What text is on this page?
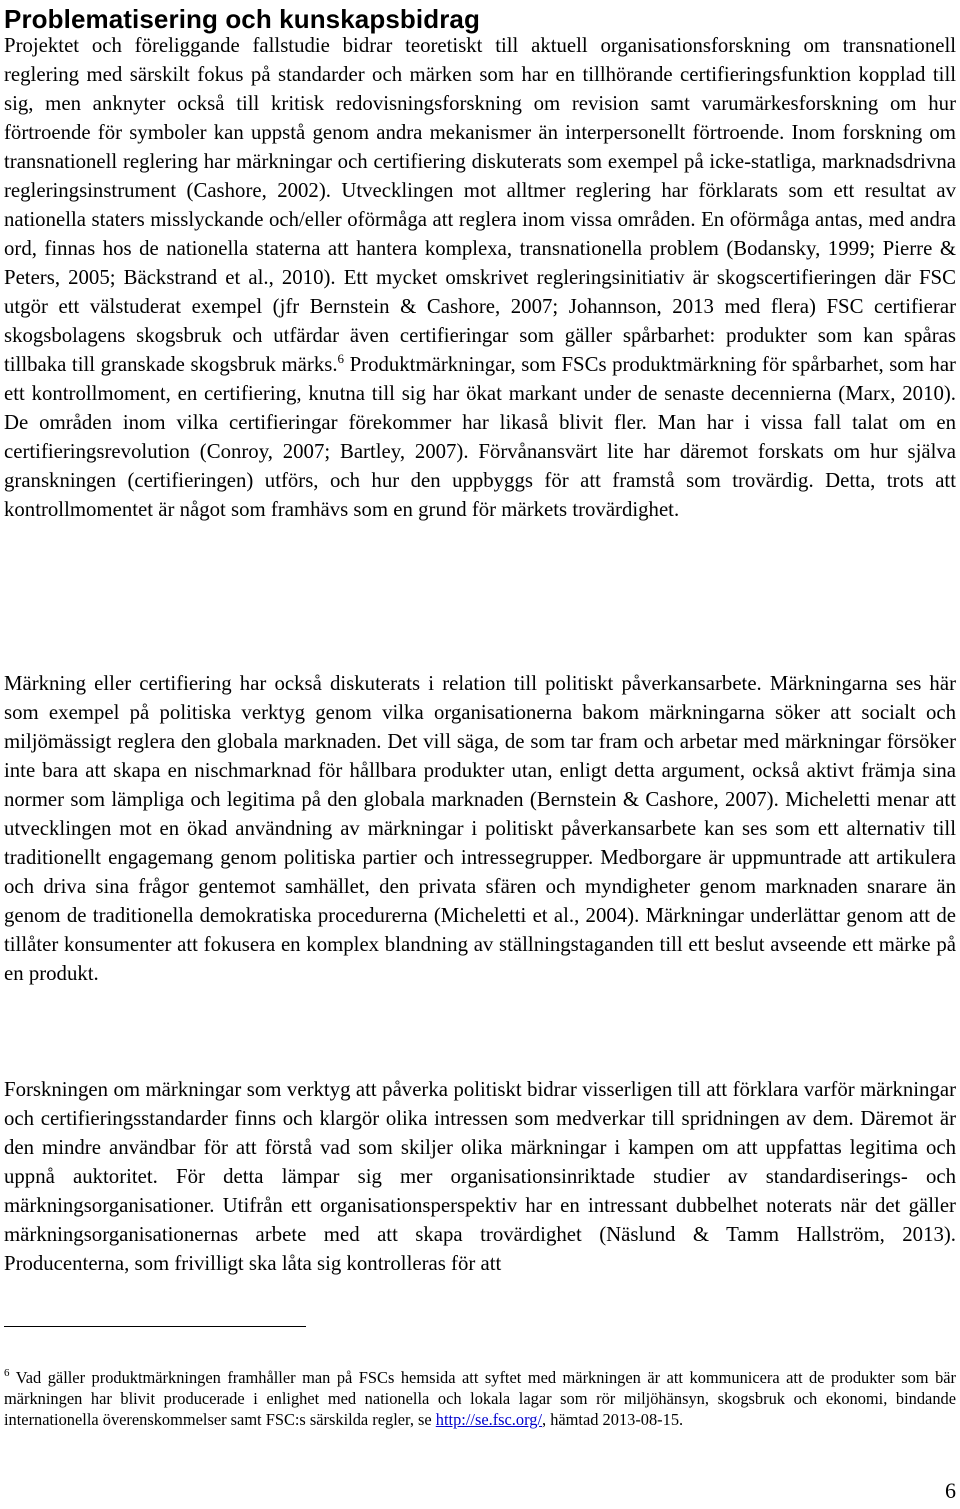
Problematisering och kunskapsbidrag

Projektet och föreliggande fallstudie bidrar teoretiskt till aktuell organisationsforskning om transnationell reglering med särskilt fokus på standarder och märken som har en tillhörande certifieringsfunktion kopplad till sig, men anknyter också till kritisk redovisningsforskning om revision samt varumärkesforskning om hur förtroende för symboler kan uppstå genom andra mekanismer än interpersonellt förtroende. Inom forskning om transnationell reglering har märkningar och certifiering diskuterats som exempel på icke-statliga, marknadsdrivna regleringsinstrument (Cashore, 2002). Utvecklingen mot alltmer reglering har förklarats som ett resultat av nationella staters misslyckande och/eller oförmåga att reglera inom vissa områden. En oförmåga antas, med andra ord, finnas hos de nationella staterna att hantera komplexa, transnationella problem (Bodansky, 1999; Pierre & Peters, 2005; Bäckstrand et al., 2010). Ett mycket omskrivet regleringsinitiativ är skogscertifieringen där FSC utgör ett välstuderat exempel (jfr Bernstein & Cashore, 2007; Johannson, 2013 med flera) FSC certifierar skogsbolagens skogsbruk och utfärdar även certifieringar som gäller spårbarhet: produkter som kan spåras tillbaka till granskade skogsbruk märks.$^6$ Produktmärkningar, som FSCs produktmärkning för spårbarhet, som har ett kontrollmoment, en certifiering, knutna till sig har ökat markant under de senaste decennierna (Marx, 2010). De områden inom vilka certifieringar förekommer har likaså blivit fler. Man har i vissa fall talat om en certifieringsrevolution (Conroy, 2007; Bartley, 2007). Förvånansvärt lite har däremot forskats om hur själva granskningen (certifieringen) utförs, och hur den uppbyggs för att framstå som trovärdig. Detta, trots att kontrollmomentet är något som framhävs som en grund för märkets trovärdighet.

Märkning eller certifiering har också diskuterats i relation till politiskt påverkansarbete. Märkningarna ses här som exempel på politiska verktyg genom vilka organisationerna bakom märkningarna söker att socialt och miljömässigt reglera den globala marknaden. Det vill säga, de som tar fram och arbetar med märkningar försöker inte bara att skapa en nischmarknad för hållbara produkter utan, enligt detta argument, också aktivt främja sina normer som lämpliga och legitima på den globala marknaden (Bernstein & Cashore, 2007). Micheletti menar att utvecklingen mot en ökad användning av märkningar i politiskt påverkansarbete kan ses som ett alternativ till traditionellt engagemang genom politiska partier och intressegrupper. Medborgare är uppmuntrade att artikulera och driva sina frågor gentemot samhället, den privata sfären och myndigheter genom marknaden snarare än genom de traditionella demokratiska procedurerna (Micheletti et al., 2004). Märkningar underlättar genom att de tillåter konsumenter att fokusera en komplex blandning av ställningstaganden till ett beslut avseende ett märke på en produkt.

Forskningen om märkningar som verktyg att påverka politiskt bidrar visserligen till att förklara varför märkningar och certifieringsstandarder finns och klargör olika intressen som medverkar till spridningen av dem. Däremot är den mindre användbar för att förstå vad som skiljer olika märkningar i kampen om att uppfattas legitima och uppnå auktoritet. För detta lämpar sig mer organisationsinriktade studier av standardiserings- och märkningsorganisationer. Utifrån ett organisationsperspektiv har en intressant dubbelhet noterats när det gäller märkningsorganisationernas arbete med att skapa trovärdighet (Näslund & Tamm Hallström, 2013). Producenterna, som frivilligt ska låta sig kontrolleras för att

$^6$ Vad gäller produktmärkningen framhåller man på FSCs hemsida att syftet med märkningen är att kommunicera att de produkter som bär märkningen har blivit producerade i enlighet med nationella och lokala lagar som rör miljöhänsyn, skogsbruk och ekonomi, bindande internationella överenskommelser samt FSC:s särskilda regler, se http://se.fsc.org/, hämtad 2013-08-15.

6
